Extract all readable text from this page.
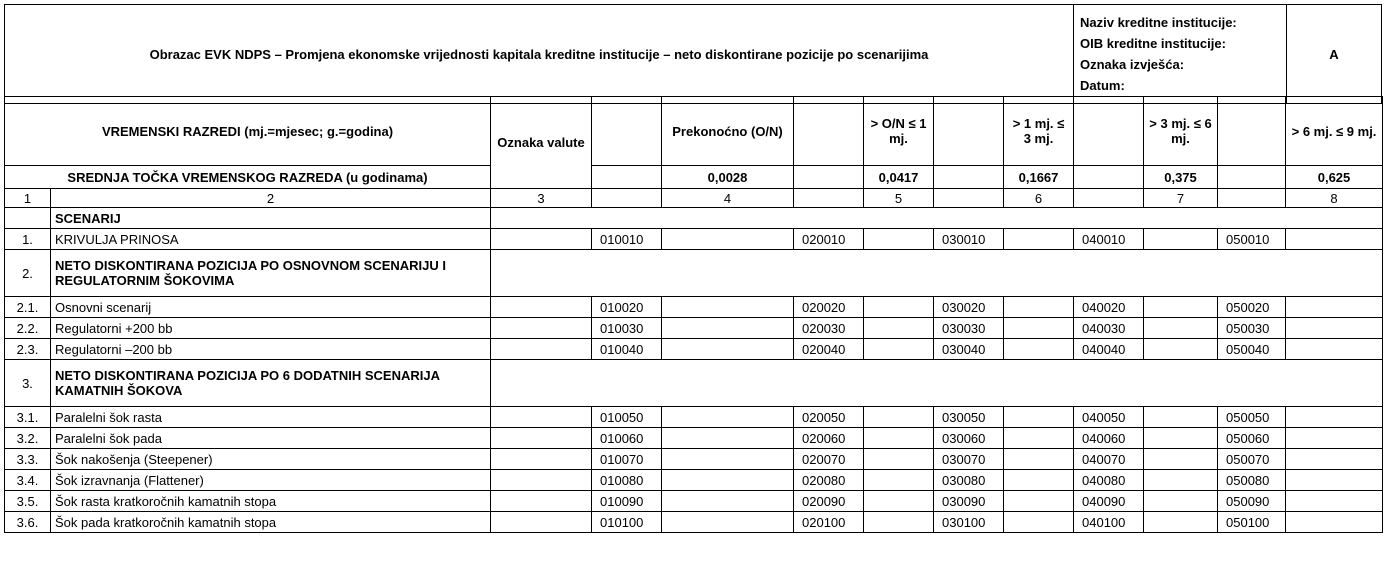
Obrazac EVK NDPS – Promjena ekonomske vrijednosti kapitala kreditne institucije – neto diskontirane pozicije po scenarijima	
Naziv kreditne institucije:
OIB kreditne institucije:
Oznaka izvješća:
Datum:
	A
VREMENSKI RAZREDI (mj.=mjesec; g.=godina)		Oznaka valute		Prekonoćno (O/N)		> O/N ≤ 1 mj.		> 1 mj. ≤ 3 mj.		> 3 mj. ≤ 6 mj.		> 6 mj. ≤ 9 mj.
SREDNJA TOČKA VREMENSKOG RAZREDA (u godinama)				0,0028		0,0417		0,1667		0,375		0,625
1	2	3		4		5		6		7		8
	SCENARIJ											
1.	KRIVULJA PRINOSA		010010		020010		030010		040010		050010	
2.	NETO DISKONTIRANA POZICIJA PO OSNOVNOM SCENARIJU I REGULATORNIM ŠOKOVIMA											
2.1.	Osnovni scenarij		010020		020020		030020		040020		050020	
2.2.	Regulatorni +200 bb		010030		020030		030030		040030		050030	
2.3.	Regulatorni –200 bb		010040		020040		030040		040040		050040	
3.	NETO DISKONTIRANA POZICIJA PO 6 DODATNIH SCENARIJA KAMATNIH ŠOKOVA											
3.1.	Paralelni šok rasta		010050		020050		030050		040050		050050	
3.2.	Paralelni šok pada		010060		020060		030060		040060		050060	
3.3.	Šok nakošenja (Steepener)		010070		020070		030070		040070		050070	
3.4.	Šok izravnanja (Flattener)		010080		020080		030080		040080		050080	
3.5.	Šok rasta kratkoročnih kamatnih stopa		010090		020090		030090		040090		050090	
3.6.	Šok pada kratkoročnih kamatnih stopa		010100		020100		030100		040100		050100	
